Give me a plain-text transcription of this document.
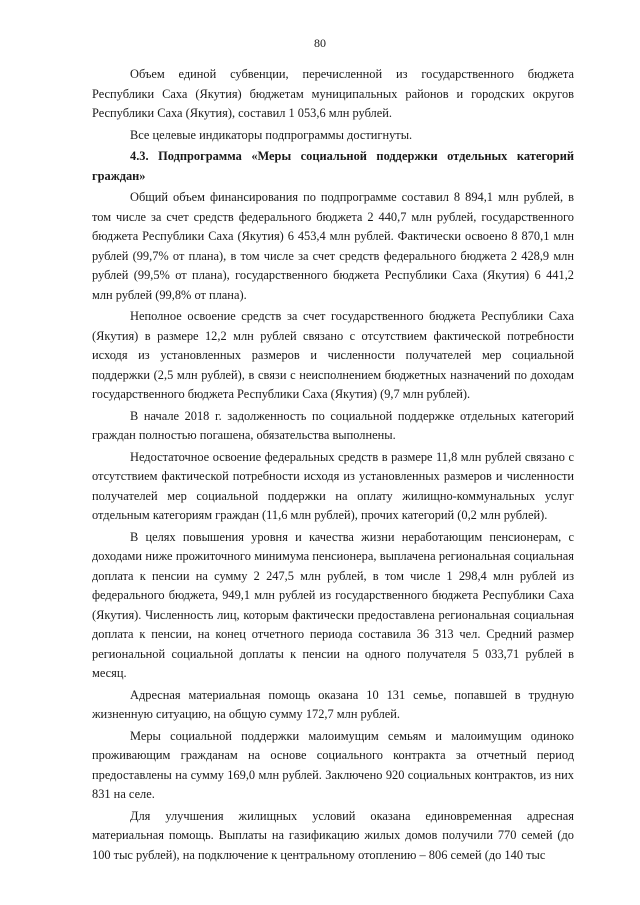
80

Объем единой субвенции, перечисленной из государственного бюджета Республики Саха (Якутия) бюджетам муниципальных районов и городских округов Республики Саха (Якутия), составил 1 053,6 млн рублей.

Все целевые индикаторы подпрограммы достигнуты.

4.3. Подпрограмма «Меры социальной поддержки отдельных категорий граждан»

Общий объем финансирования по подпрограмме составил 8 894,1 млн рублей, в том числе за счет средств федерального бюджета 2 440,7 млн рублей, государственного бюджета Республики Саха (Якутия) 6 453,4 млн рублей. Фактически освоено 8 870,1 млн рублей (99,7% от плана), в том числе за счет средств федерального бюджета 2 428,9 млн рублей (99,5% от плана), государственного бюджета Республики Саха (Якутия) 6 441,2 млн рублей (99,8% от плана).

Неполное освоение средств за счет государственного бюджета Республики Саха (Якутия) в размере 12,2 млн рублей связано с отсутствием фактической потребности исходя из установленных размеров и численности получателей мер социальной поддержки (2,5 млн рублей), в связи с неисполнением бюджетных назначений по доходам государственного бюджета Республики Саха (Якутия) (9,7 млн рублей).

В начале 2018 г. задолженность по социальной поддержке отдельных категорий граждан полностью погашена, обязательства выполнены.

Недостаточное освоение федеральных средств в размере 11,8 млн рублей связано с отсутствием фактической потребности исходя из установленных размеров и численности получателей мер социальной поддержки на оплату жилищно-коммунальных услуг отдельным категориям граждан (11,6 млн рублей), прочих категорий (0,2 млн рублей).

В целях повышения уровня и качества жизни неработающим пенсионерам, с доходами ниже прожиточного минимума пенсионера, выплачена региональная социальная доплата к пенсии на сумму 2 247,5 млн рублей, в том числе 1 298,4 млн рублей из федерального бюджета, 949,1 млн рублей из государственного бюджета Республики Саха (Якутия). Численность лиц, которым фактически предоставлена региональная социальная доплата к пенсии, на конец отчетного периода составила 36 313 чел. Средний размер региональной социальной доплаты к пенсии на одного получателя 5 033,71 рублей в месяц.

Адресная материальная помощь оказана 10 131 семье, попавшей в трудную жизненную ситуацию, на общую сумму 172,7 млн рублей.

Меры социальной поддержки малоимущим семьям и малоимущим одиноко проживающим гражданам на основе социального контракта за отчетный период предоставлены на сумму 169,0 млн рублей. Заключено 920 социальных контрактов, из них 831 на селе.

Для улучшения жилищных условий оказана единовременная адресная материальная помощь. Выплаты на газификацию жилых домов получили 770 семей (до 100 тыс рублей), на подключение к центральному отоплению – 806 семей (до 140 тыс
